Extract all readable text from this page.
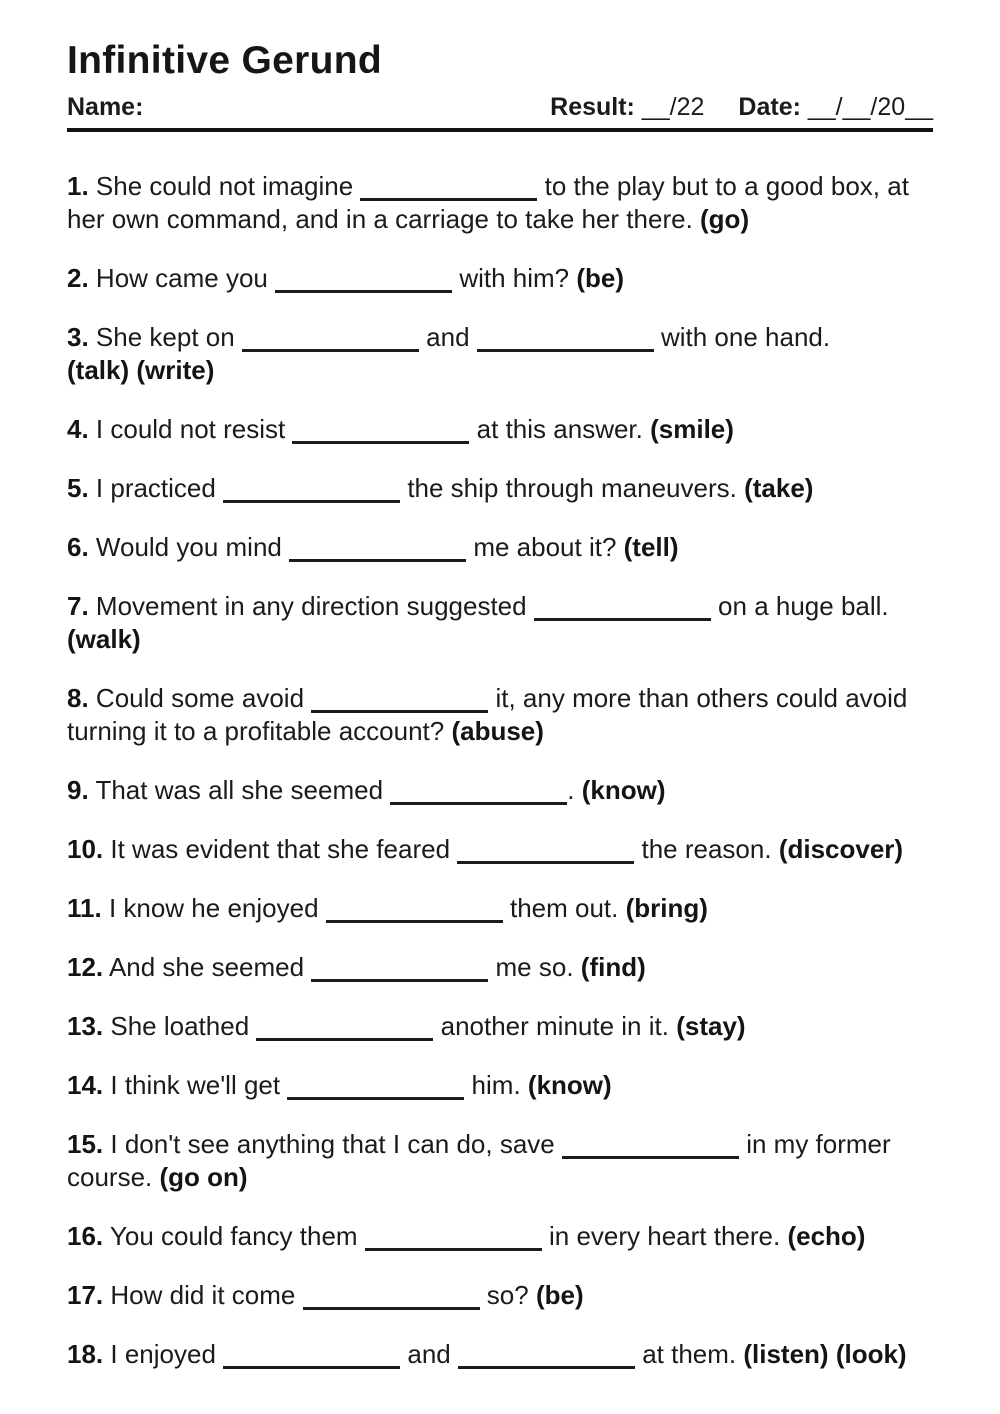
Infinitive Gerund
Name:	Result: __/22 Date: __/__/20__

1. She could not imagine	to the play but to a good box, at
her own command, and in a carriage to take her there. (go)

2. How came you	with him? (be)

3. She kept on	and	with one hand.
(talk) (write)

4. I could not resist	at this answer. (smile)

5. I practiced	the ship through maneuvers. (take)

6. Would you mind	me about it? (tell)

7. Movement in any direction suggested	on a huge ball.
(walk)

8. Could some avoid	it, any more than others could avoid
turning it to a profitable account? (abuse)

9. That was all she seemed	. (know)

10. It was evident that she feared	the reason. (discover)

11. I know he enjoyed	them out. (bring)

12. And she seemed	me so. (find)

13. She loathed	another minute in it. (stay)

14. I think we'll get	him. (know)

15. I don't see anything that I can do, save	in my former
course. (go on)

16. You could fancy them	in every heart there. (echo)

17. How did it come	so? (be)

18. I enjoyed	and	at them. (listen) (look)
